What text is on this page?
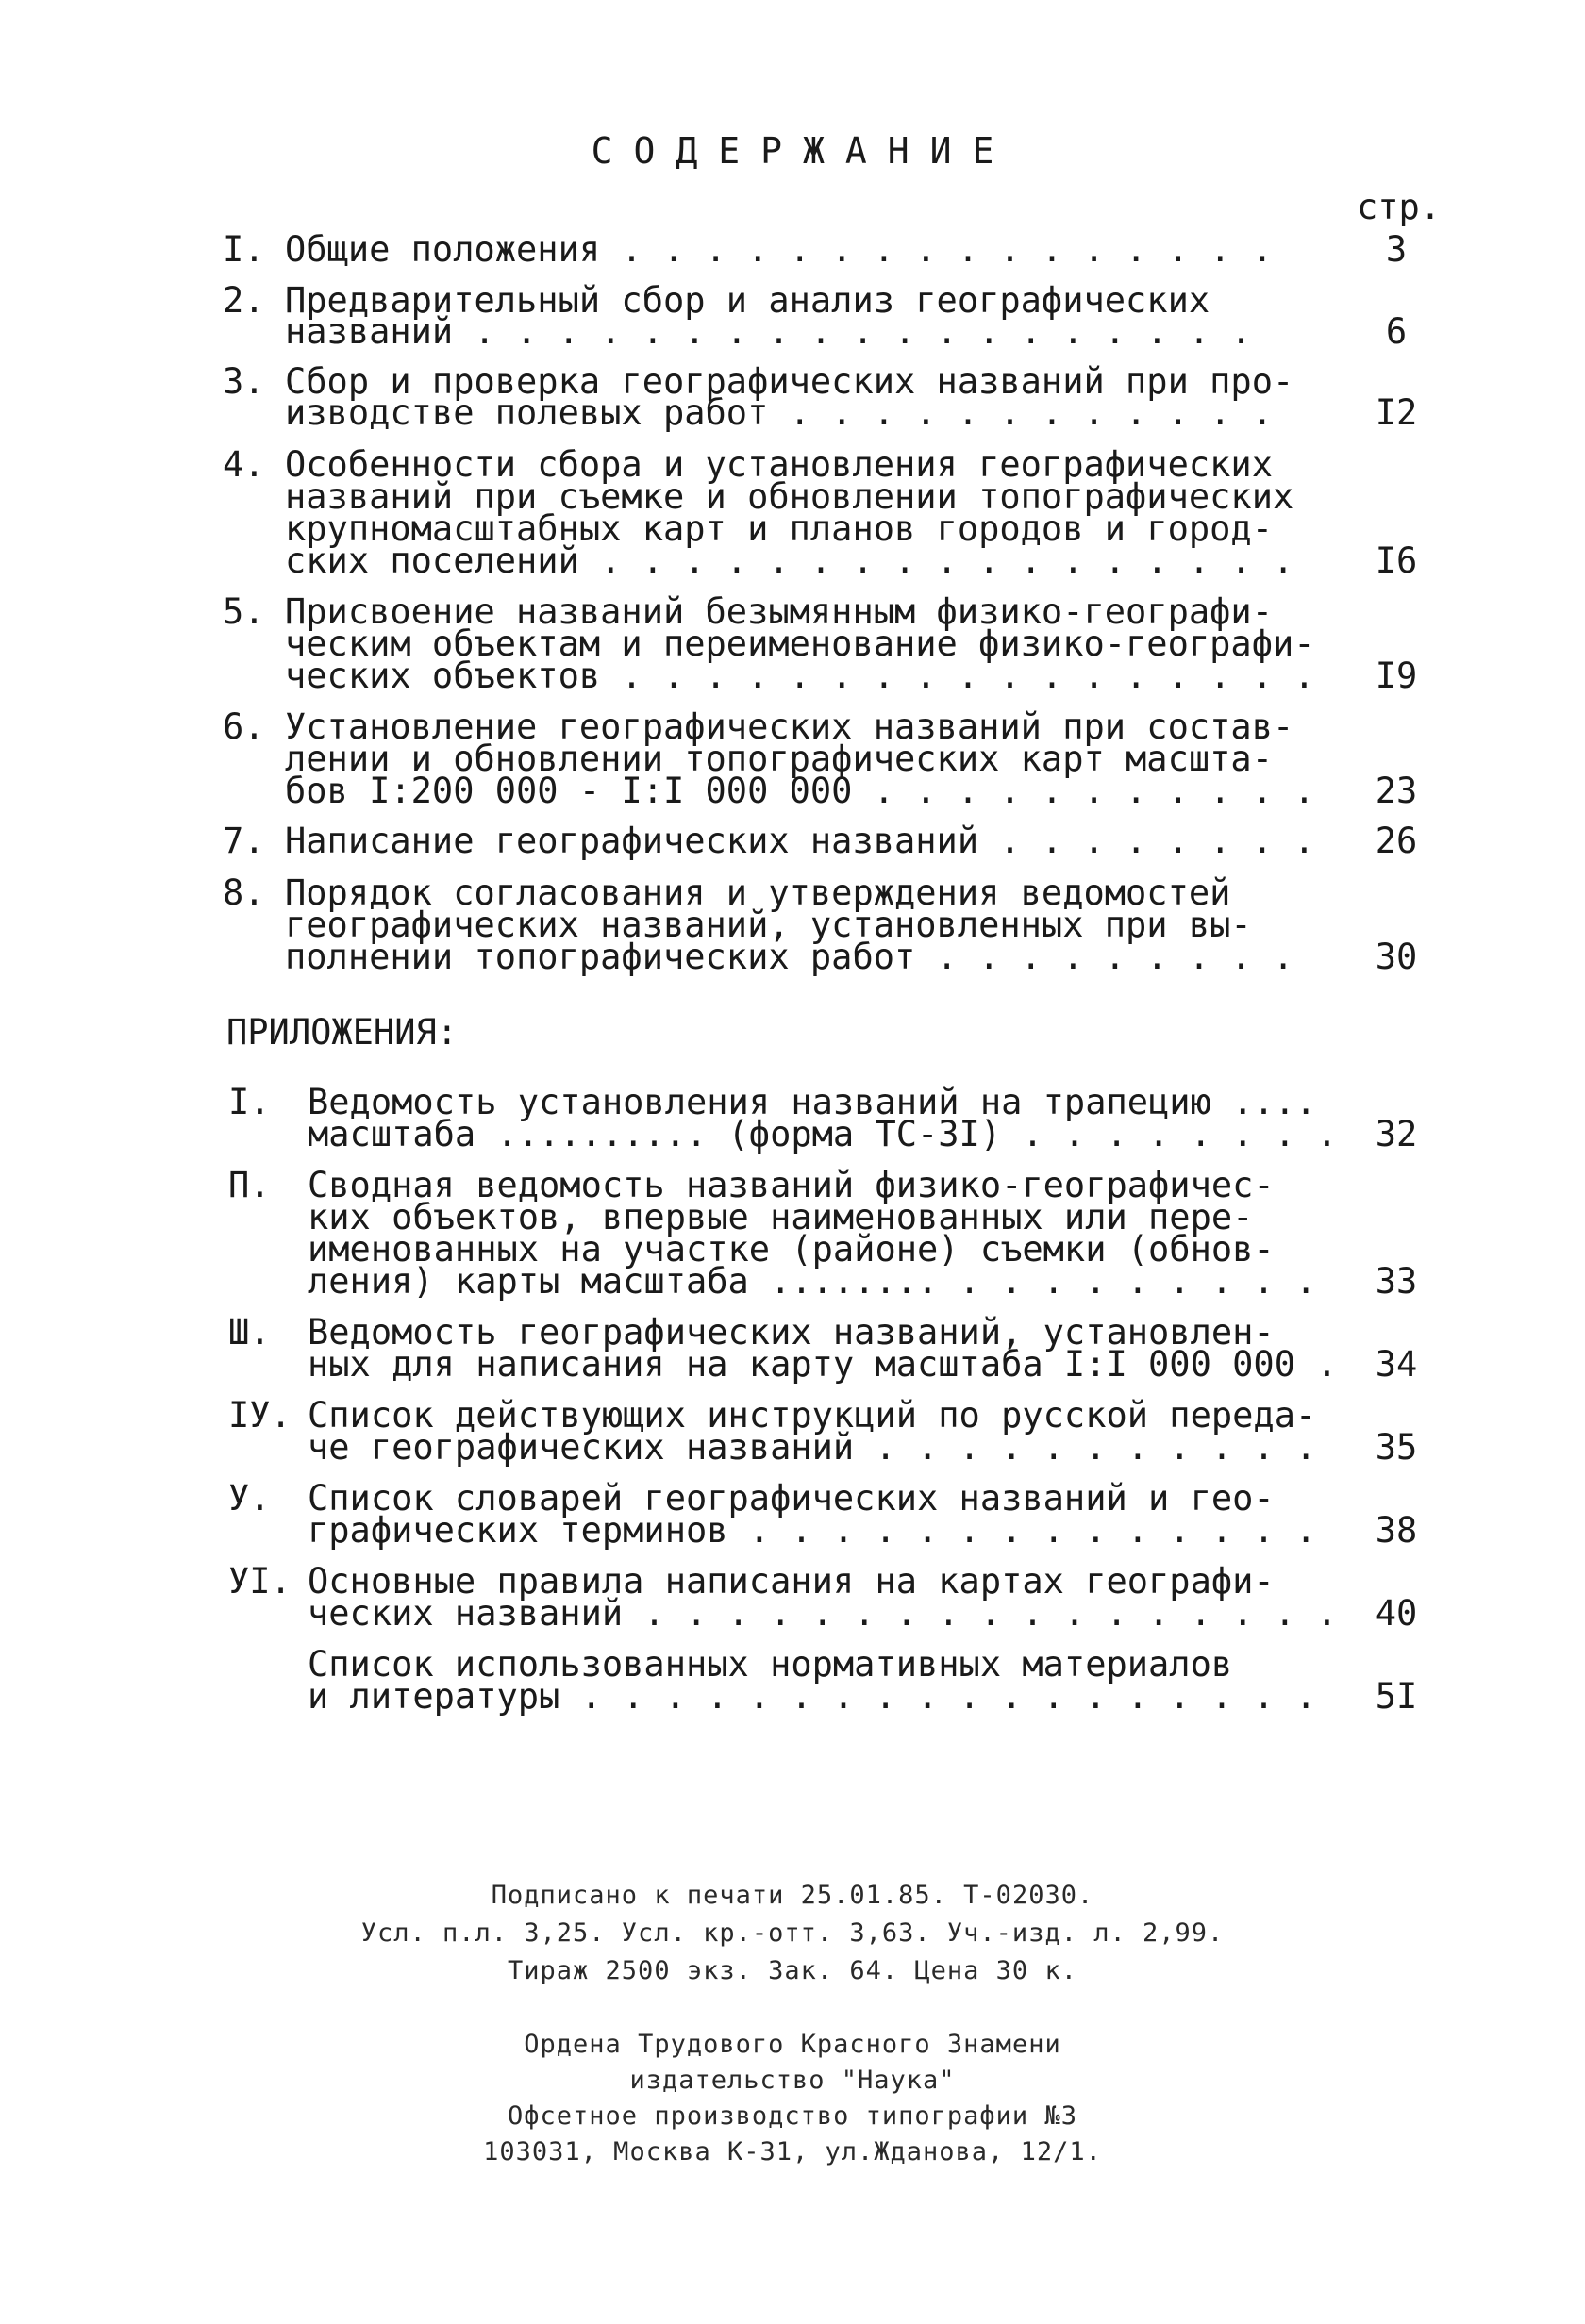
СОДЕРЖАНИЕ
стр.
I. Общие положения . . . . . . . . . . . . . . . .	3
2. Предварительный сбор и анализ географических
названий . . . . . . . . . . . . . . . . . . .	6
3. Сбор и проверка географических названий при про-
изводстве полевых работ . . . . . . . . . . . .	I2
4. Особенности сбора и установления географических
названий при съемке и обновлении топографических
крупномасштабных карт и планов городов и город-
ских поселений . . . . . . . . . . . . . . . . .	I6
5. Присвоение названий безымянным физико-географи-
ческим объектам и переименование физико-географи-
ческих объектов . . . . . . . . . . . . . . . . .	I9
6. Установление географических названий при состав-
лении и обновлении топографических карт масшта-
бов I:200 000 - I:I 000 000 . . . . . . . . . . .	23
7. Написание географических названий . . . . . . . .	26
8. Порядок согласования и утверждения ведомостей
географических названий, установленных при вы-
полнении топографических работ . . . . . . . . .	30
ПРИЛОЖЕНИЯ:
I. Ведомость установления названий на трапецию ....
масштаба .......... (форма ТС-3I) . . . . . . . .	32
П. Сводная ведомость названий физико-географичес-
ких объектов, впервые наименованных или пере-
именованных на участке (районе) съемки (обнов-
ления) карты масштаба ........ . . . . . . . . .	33
Ш. Ведомость географических названий, установлен-
ных для написания на карту масштаба I:I 000 000 .	34
IУ. Список действующих инструкций по русской переда-
че географических названий . . . . . . . . . . .	35
У. Список словарей географических названий и гео-
графических терминов . . . . . . . . . . . . . .	38
УI. Основные правила написания на картах географи-
ческих названий . . . . . . . . . . . . . . . . .	40
Список использованных нормативных материалов
и литературы . . . . . . . . . . . . . . . . . .	5I
Подписано к печати 25.01.85. Т-02030.
Усл. п.л. 3,25. Усл. кр.-отт. 3,63. Уч.-изд. л. 2,99.
Тираж 2500 экз. Зак. 64. Цена 30 к.
Ордена Трудового Красного Знамени
издательство "Наука"
Офсетное производство типографии №3
103031, Москва К-31, ул.Жданова, 12/1.
